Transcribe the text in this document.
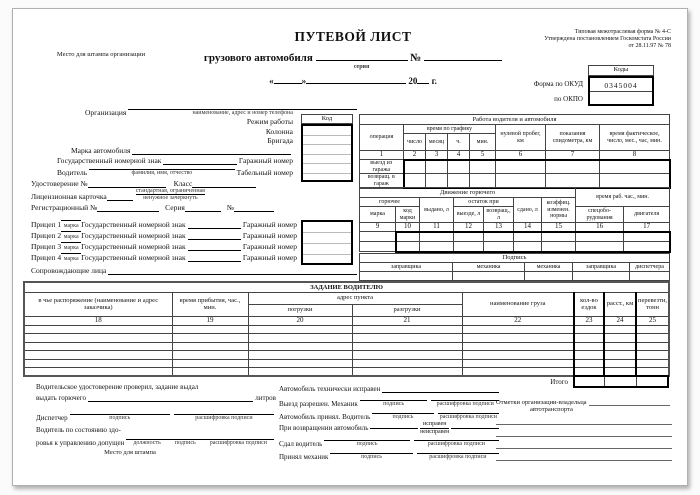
Место для штампа организации
ПУТЕВОЙ ЛИСТ
грузового автомобиля
серия
№
«	»	20 г.
Типовая межотраслевая форма № 4-С
Утверждена постановлением Госкомстата России
от 28.11.97 № 78
Коды
0345004
Форма по ОКУД
по ОКПО
Код
Организация	наименование, адрес и номер телефона
Режим работы
Колонна
Бригада
Марка автомобиля
Государственный номерной знак	Гаражный номер
Водитель	фамилия, имя, отчество	Табельный номер
Удостоверение №	Класс
Лицензионная карточка
стандартная, ограниченная
ненужное зачеркнуть
Регистрационный №	Серия	№
Прицеп 1 марка Государственный номерной знак	Гаражный номер
Прицеп 2 марка Государственный номерной знак	Гаражный номер
Прицеп 3 марка Государственный номерной знак	Гаражный номер
Прицеп 4 марка Государственный номерной знак	Гаражный номер
Сопровождающие лица
Работа водителя и автомобиля							
операция	время по графику				нулевой пробег, км	показания спидометра, км	время фактическое, число, мес., час, мин.
	число	месяц	ч.	мин.			
1	2	3	4	5	6	7	8
выезд из гаража							
возвращ. в гараж							
Движение горючего							время раб. час., мин.	
горючее		выдано, л	остаток при		сдано, л	коэффиц. изменен. нормы		
марка	код марки		выезде, л	возвращ., л			спецобо-рудования	двигателя
9	10	11	12	13	14	15	16	17

Подпись				
заправщика	механика	механика	заправщика	диспетчера

ЗАДАНИЕ ВОДИТЕЛЮ							
в чье распоряжение (наименование и адрес заказчика)	время прибытия, час., мин.	адрес пункта		наименование груза	кол-во ездок	расст., км	перевезти, тонн
		погрузки	разгрузки				
18	19	20	21	22	23	24	25

Водительское удостоверение проверил, задание выдал
выдать горючего	литров
Диспетчер	подпись	расшифровка подписи
Водитель по состоянию здо-
ровья к управлению допущен должность подпись расшифровка подписи
Место для штампа
Автомобиль технически исправен
Выезд разрешен. Механик	подпись	расшифровка подписи
Автомобиль принял. Водитель	подпись	расшифровка подписи
При возвращении автомобиль
исправен
неисправен
Сдал водитель	подпись	расшифровка подписи
Принял механик	подпись	расшифровка подписи
Итого
Отметки организации-владельца
автотранспорта
